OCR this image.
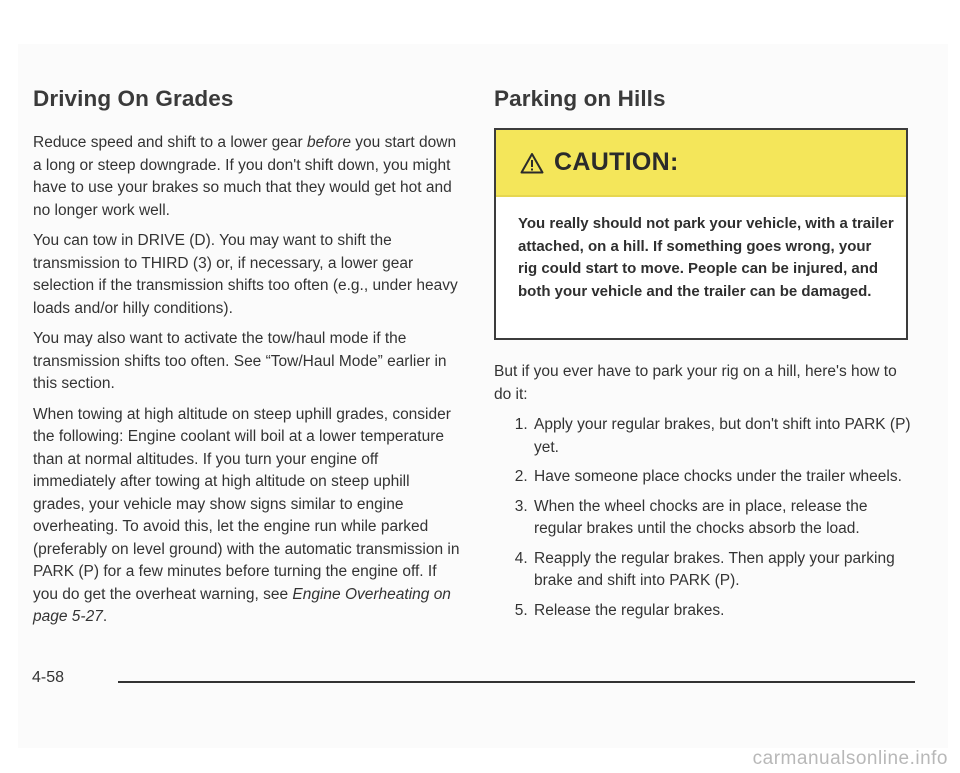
Driving On Grades

Reduce speed and shift to a lower gear before you start down a long or steep downgrade. If you don't shift down, you might have to use your brakes so much that they would get hot and no longer work well.

You can tow in DRIVE (D). You may want to shift the transmission to THIRD (3) or, if necessary, a lower gear selection if the transmission shifts too often (e.g., under heavy loads and/or hilly conditions).

You may also want to activate the tow/haul mode if the transmission shifts too often. See “Tow/Haul Mode” earlier in this section.

When towing at high altitude on steep uphill grades, consider the following: Engine coolant will boil at a lower temperature than at normal altitudes. If you turn your engine off immediately after towing at high altitude on steep uphill grades, your vehicle may show signs similar to engine overheating. To avoid this, let the engine run while parked (preferably on level ground) with the automatic transmission in PARK (P) for a few minutes before turning the engine off. If you do get the overheat warning, see Engine Overheating on page 5-27.

Parking on Hills
CAUTION:
You really should not park your vehicle, with a trailer attached, on a hill. If something goes wrong, your rig could start to move. People can be injured, and both your vehicle and the trailer can be damaged.

But if you ever have to park your rig on a hill, here's how to do it:

1. Apply your regular brakes, but don't shift into PARK (P) yet.
2. Have someone place chocks under the trailer wheels.
3. When the wheel chocks are in place, release the regular brakes until the chocks absorb the load.
4. Reapply the regular brakes. Then apply your parking brake and shift into PARK (P).
5. Release the regular brakes.
4-58
carmanualsonline.info
